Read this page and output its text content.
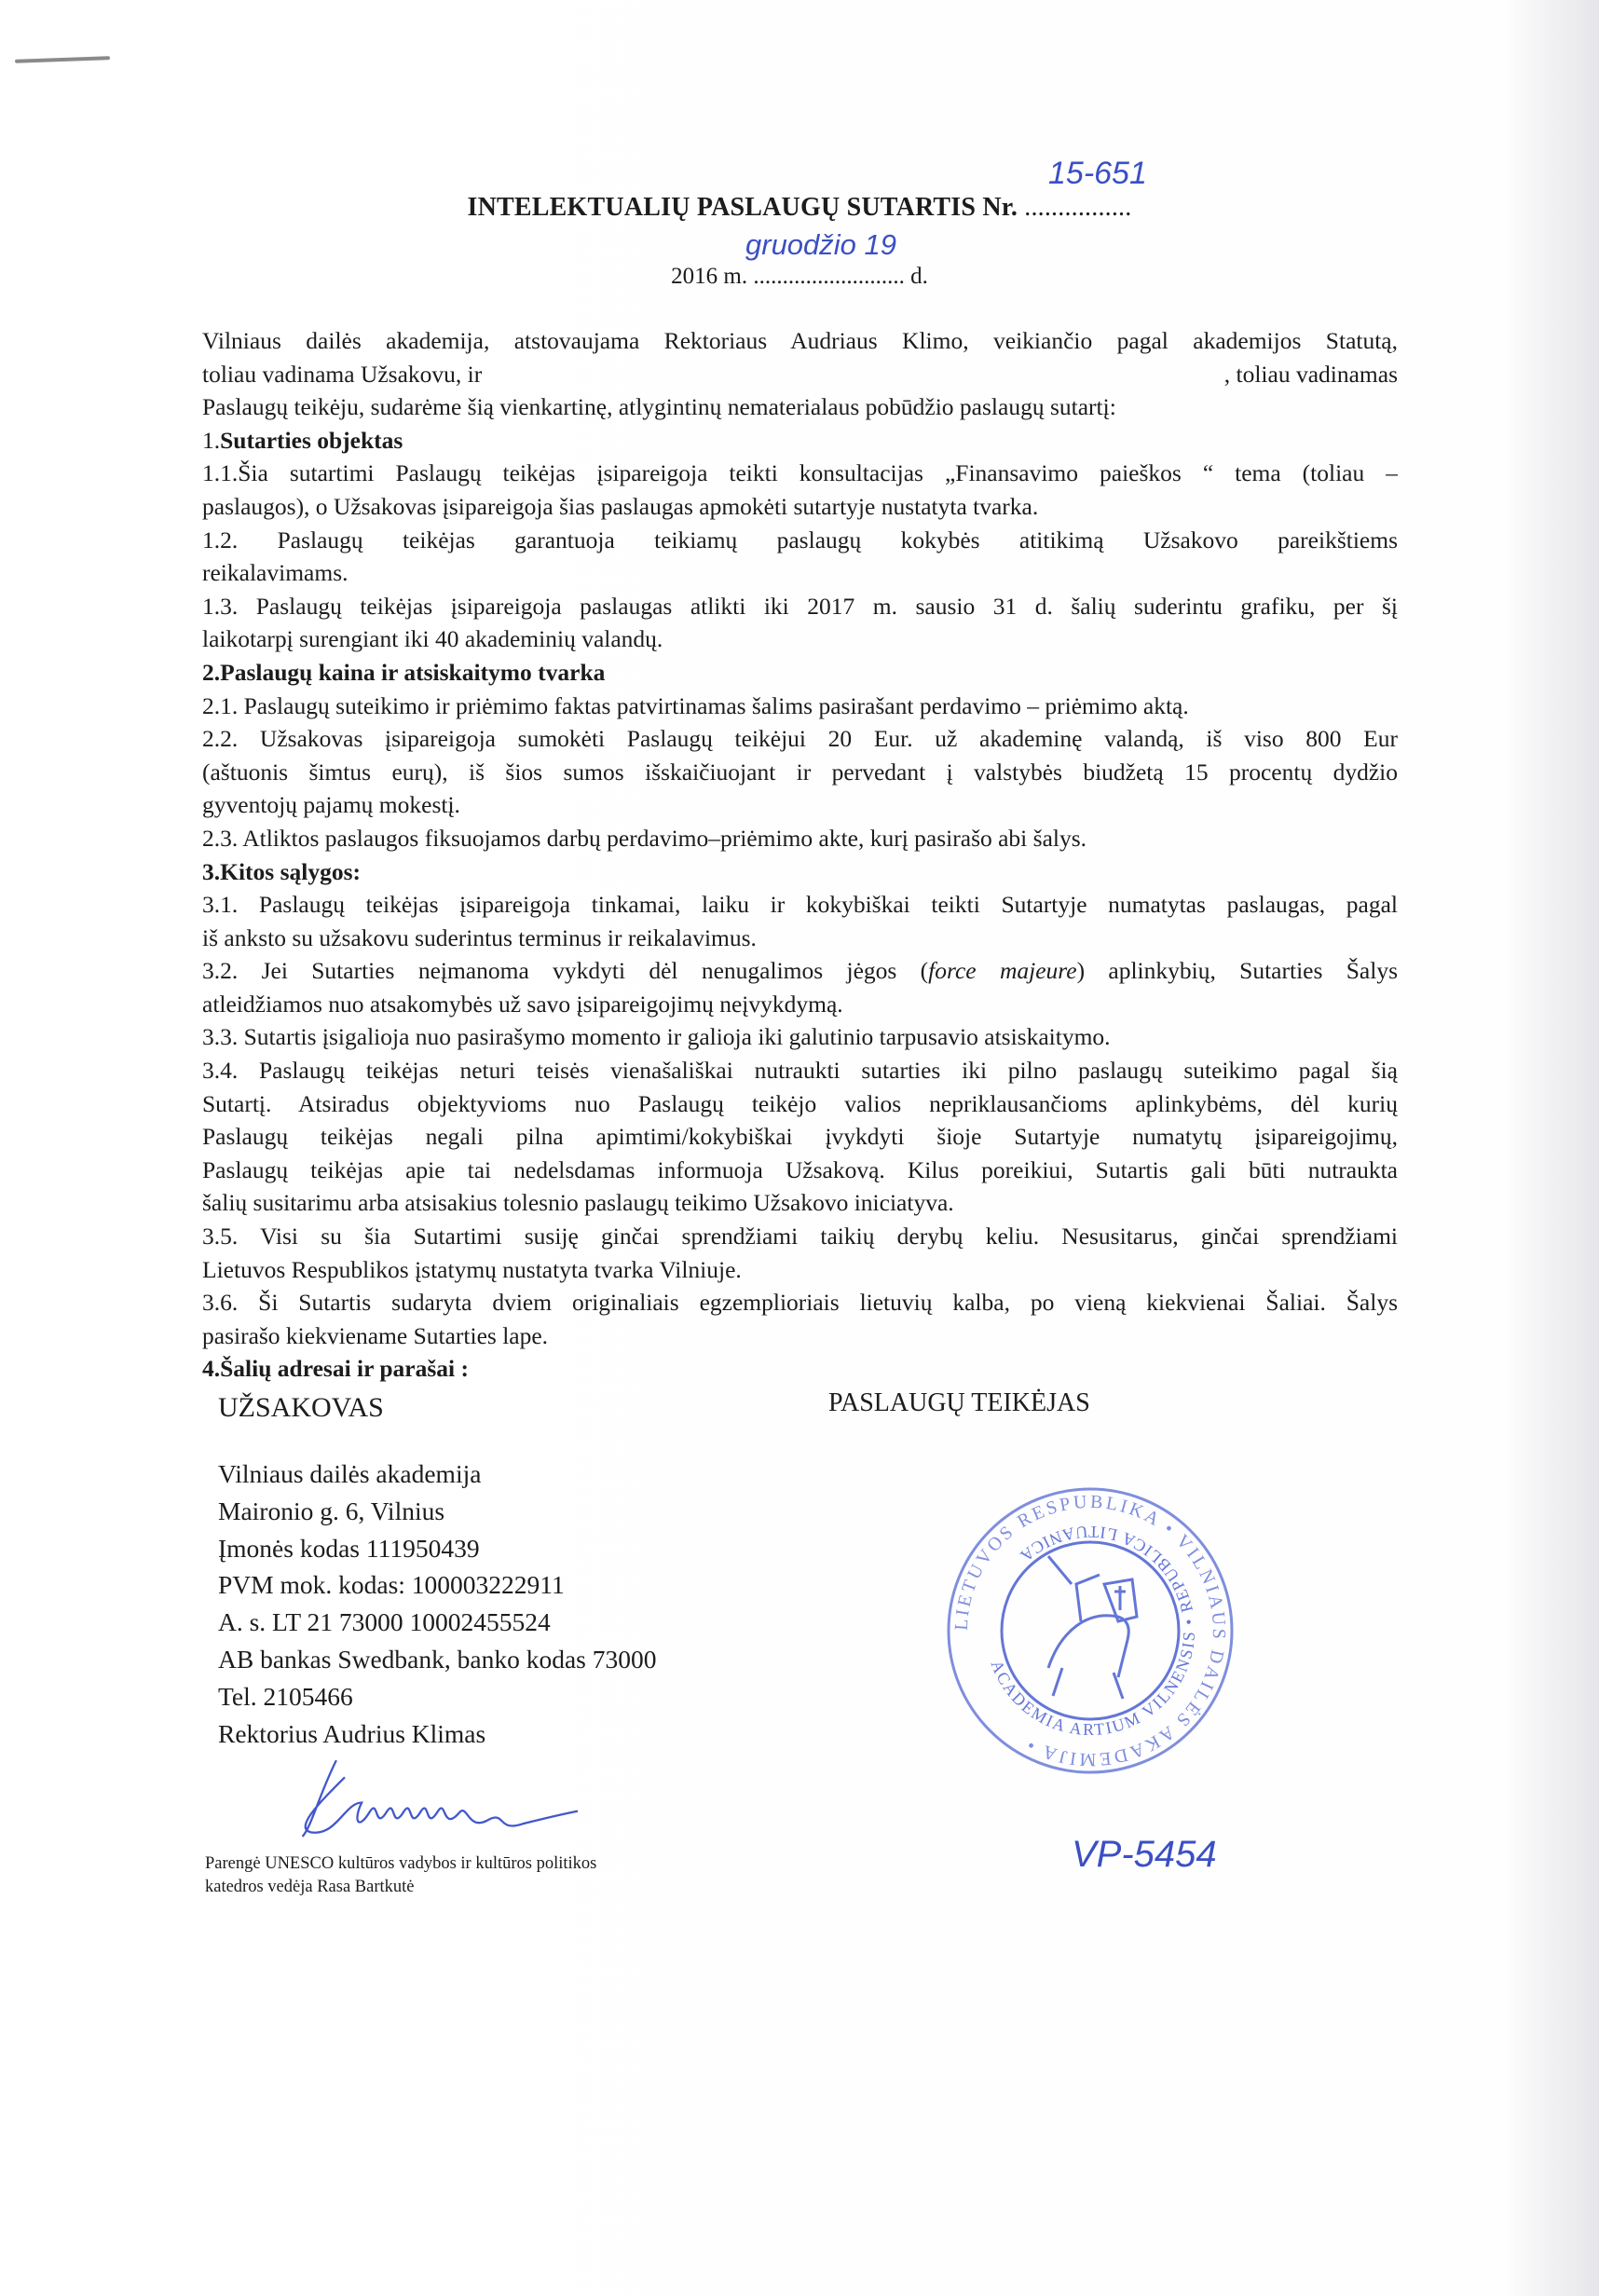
INTELEKTUALIŲ PASLAUGŲ SUTARTIS Nr. ................
15-651
2016 m. .......................... d.
gruodžio 19
Vilniaus dailės akademija, atstovaujama Rektoriaus Audriaus Klimo, veikiančio pagal akademijos Statutą,
toliau vadinama Užsakovu, ir	, toliau vadinamas
Paslaugų teikėju, sudarėme šią vienkartinę, atlygintinų nematerialaus pobūdžio paslaugų sutartį:
1.Sutarties objektas
1.1.Šia sutartimi Paslaugų teikėjas įsipareigoja teikti konsultacijas „Finansavimo paieškos “ tema (toliau –
paslaugos), o Užsakovas įsipareigoja šias paslaugas apmokėti sutartyje nustatyta tvarka.
1.2. Paslaugų teikėjas garantuoja teikiamų paslaugų kokybės atitikimą Užsakovo pareikštiems
reikalavimams.
1.3. Paslaugų teikėjas įsipareigoja paslaugas atlikti iki 2017 m. sausio 31 d. šalių suderintu grafiku, per šį
laikotarpį surengiant iki 40 akademinių valandų.
2.Paslaugų kaina ir atsiskaitymo tvarka
2.1. Paslaugų suteikimo ir priėmimo faktas patvirtinamas šalims pasirašant perdavimo – priėmimo aktą.
2.2. Užsakovas įsipareigoja sumokėti Paslaugų teikėjui 20 Eur. už akademinę valandą, iš viso 800 Eur
(aštuonis šimtus eurų), iš šios sumos išskaičiuojant ir pervedant į valstybės biudžetą 15 procentų dydžio
gyventojų pajamų mokestį.
2.3. Atliktos paslaugos fiksuojamos darbų perdavimo–priėmimo akte, kurį pasirašo abi šalys.
3.Kitos sąlygos:
3.1. Paslaugų teikėjas įsipareigoja tinkamai, laiku ir kokybiškai teikti Sutartyje numatytas paslaugas, pagal
iš anksto su užsakovu suderintus terminus ir reikalavimus.
3.2. Jei Sutarties neįmanoma vykdyti dėl nenugalimos jėgos (force majeure) aplinkybių, Sutarties Šalys
atleidžiamos nuo atsakomybės už savo įsipareigojimų neįvykdymą.
3.3. Sutartis įsigalioja nuo pasirašymo momento ir galioja iki galutinio tarpusavio atsiskaitymo.
3.4. Paslaugų teikėjas neturi teisės vienašališkai nutraukti sutarties iki pilno paslaugų suteikimo pagal šią
Sutartį. Atsiradus objektyvioms nuo Paslaugų teikėjo valios nepriklausančioms aplinkybėms, dėl kurių
Paslaugų teikėjas negali pilna apimtimi/kokybiškai įvykdyti šioje Sutartyje numatytų įsipareigojimų,
Paslaugų teikėjas apie tai nedelsdamas informuoja Užsakovą. Kilus poreikiui, Sutartis gali būti nutraukta
šalių susitarimu arba atsisakius tolesnio paslaugų teikimo Užsakovo iniciatyva.
3.5. Visi su šia Sutartimi susiję ginčai sprendžiami taikių derybų keliu. Nesusitarus, ginčai sprendžiami
Lietuvos Respublikos įstatymų nustatyta tvarka Vilniuje.
3.6. Ši Sutartis sudaryta dviem originaliais egzemplioriais lietuvių kalba, po vieną kiekvienai Šaliai. Šalys
pasirašo kiekviename Sutarties lape.
4.Šalių adresai ir parašai :
UŽSAKOVAS	PASLAUGŲ TEIKĖJAS
Vilniaus dailės akademija
Maironio g. 6, Vilnius
Įmonės kodas 111950439
PVM mok. kodas: 100003222911
A. s. LT 21 73000 10002455524
AB bankas Swedbank, banko kodas 73000
Tel. 2105466
Rektorius Audrius Klimas
LIETUVOS RESPUBLIKA • VILNIAUS DAILĖS AKADEMIJA •
ACADEMIA ARTIUM VILNENSIS • REPUBLICA LITUANICA
Parengė UNESCO kultūros vadybos ir kultūros politikos
katedros vedėja Rasa Bartkutė
VP-5454
